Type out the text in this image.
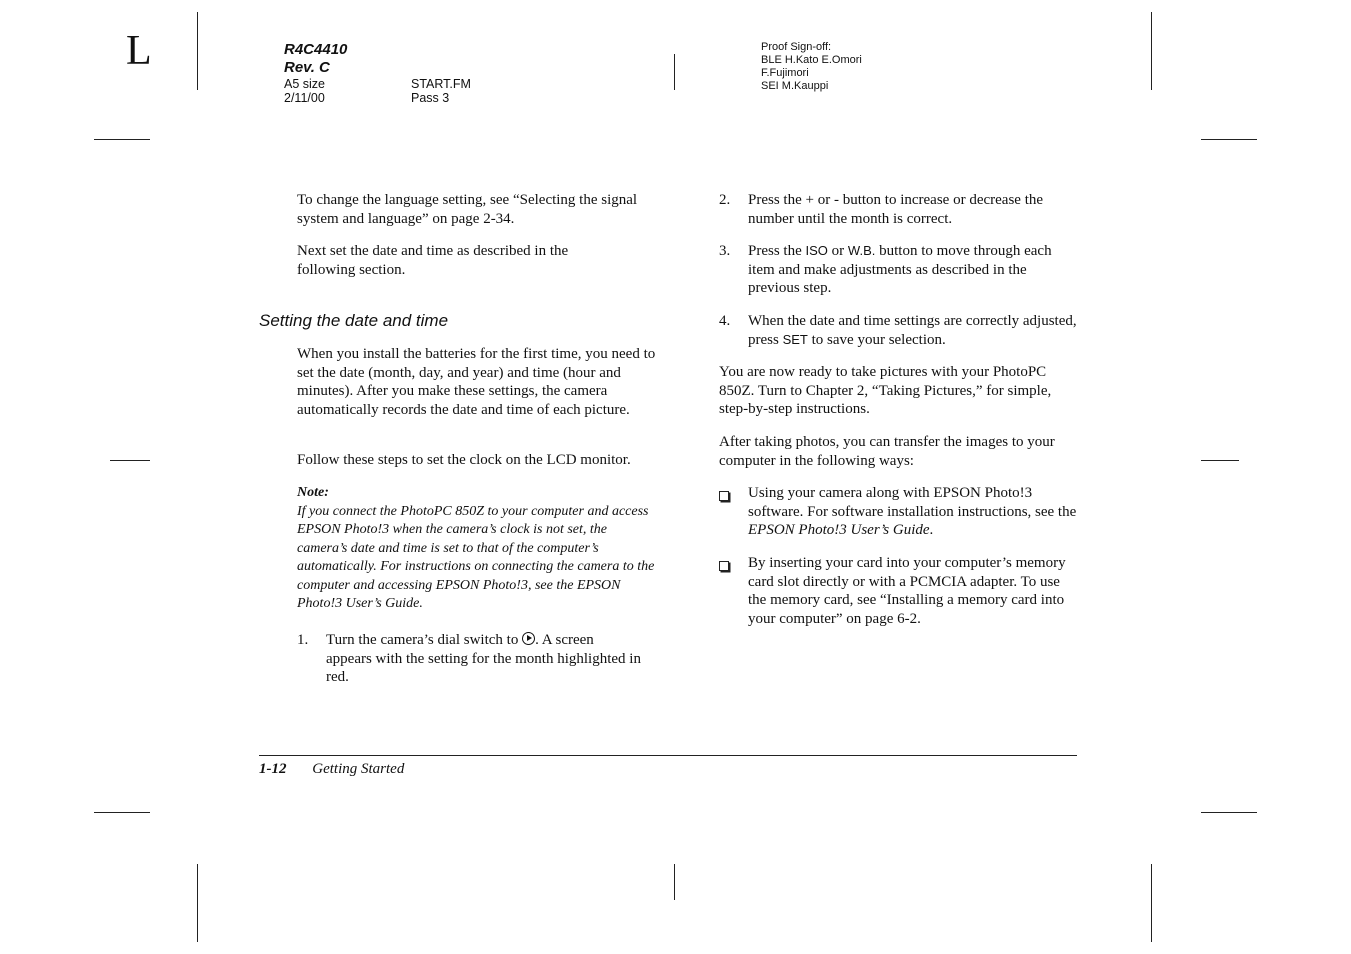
L	R4C4410
Rev. C
A5 size
2/11/00
START.FM
Pass 3
Proof Sign-off:
BLE H.Kato E.Omori
F.Fujimori
SEI M.Kauppi
To change the language setting, see “Selecting the signal system and language” on page 2-34.
Next set the date and time as described in the following section.
Setting the date and time
When you install the batteries for the first time, you need to set the date (month, day, and year) and time (hour and minutes). After you make these settings, the camera automatically records the date and time of each picture.
Follow these steps to set the clock on the LCD monitor.
Note:
If you connect the PhotoPC 850Z to your computer and access EPSON Photo!3 when the camera’s clock is not set, the camera’s date and time is set to that of the computer’s automatically. For instructions on connecting the camera to the computer and accessing EPSON Photo!3, see the EPSON Photo!3 User’s Guide.
1. Turn the camera’s dial switch to . A screen appears with the setting for the month highlighted in red.
2. Press the + or - button to increase or decrease the number until the month is correct.
3. Press the ISO or W.B. button to move through each item and make adjustments as described in the previous step.
4. When the date and time settings are correctly adjusted, press SET to save your selection.
You are now ready to take pictures with your PhotoPC 850Z. Turn to Chapter 2, “Taking Pictures,” for simple, step-by-step instructions.
After taking photos, you can transfer the images to your computer in the following ways:
Using your camera along with EPSON Photo!3 software. For software installation instructions, see the EPSON Photo!3 User’s Guide.
By inserting your card into your computer’s memory card slot directly or with a PCMCIA adapter. To use the memory card, see “Installing a memory card into your computer” on page 6-2.
1-12 Getting Started
